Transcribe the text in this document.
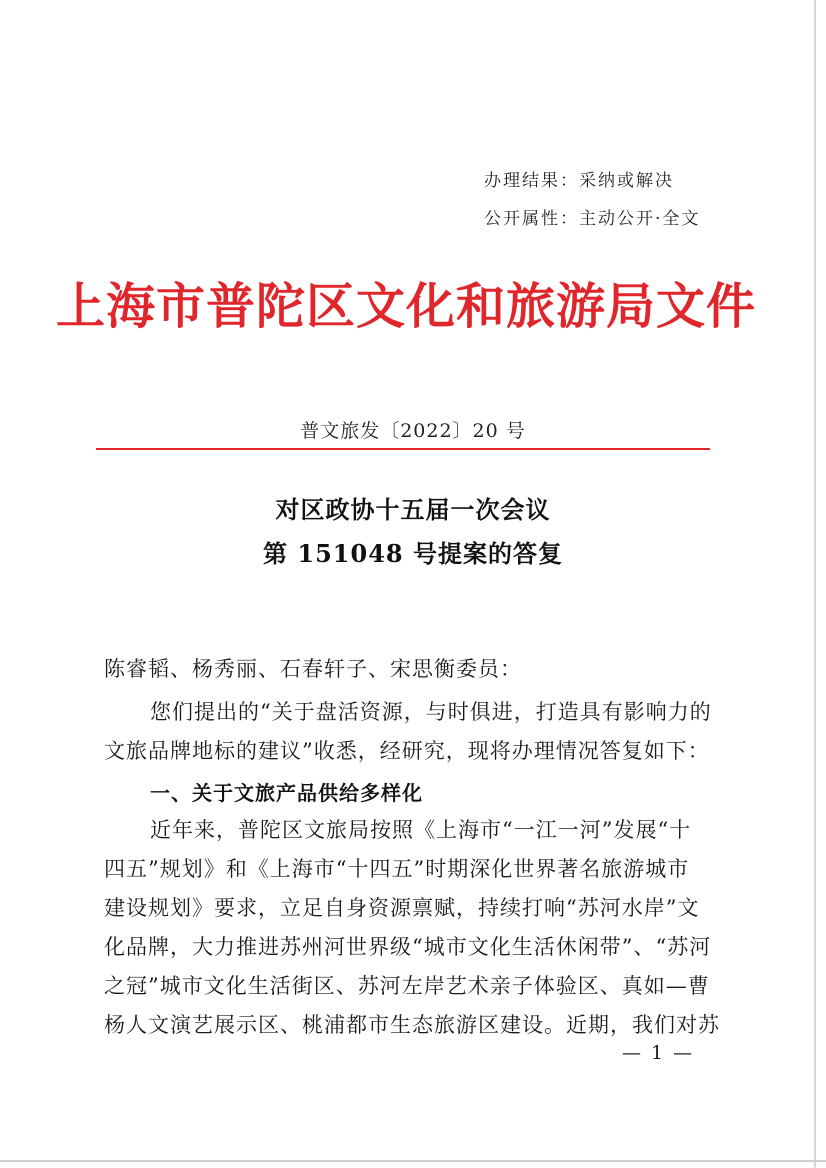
办理结果：采纳或解决
公开属性：主动公开·全文
上海市普陀区文化和旅游局文件
普文旅发〔2022〕20 号
对区政协十五届一次会议
第 151048 号提案的答复
陈睿韬、杨秀丽、石春轩子、宋思衡委员：
您们提出的“关于盘活资源，与时俱进，打造具有影响力的
文旅品牌地标的建议”收悉，经研究，现将办理情况答复如下：
一、关于文旅产品供给多样化
近年来，普陀区文旅局按照《上海市“一江一河”发展“十
四五”规划》和《上海市“十四五”时期深化世界著名旅游城市
建设规划》要求，立足自身资源禀赋，持续打响“苏河水岸”文
化品牌，大力推进苏州河世界级“城市文化生活休闲带”、“苏河
之冠”城市文化生活街区、苏河左岸艺术亲子体验区、真如—曹
杨人文演艺展示区、桃浦都市生态旅游区建设。近期，我们对苏
— 1 —
